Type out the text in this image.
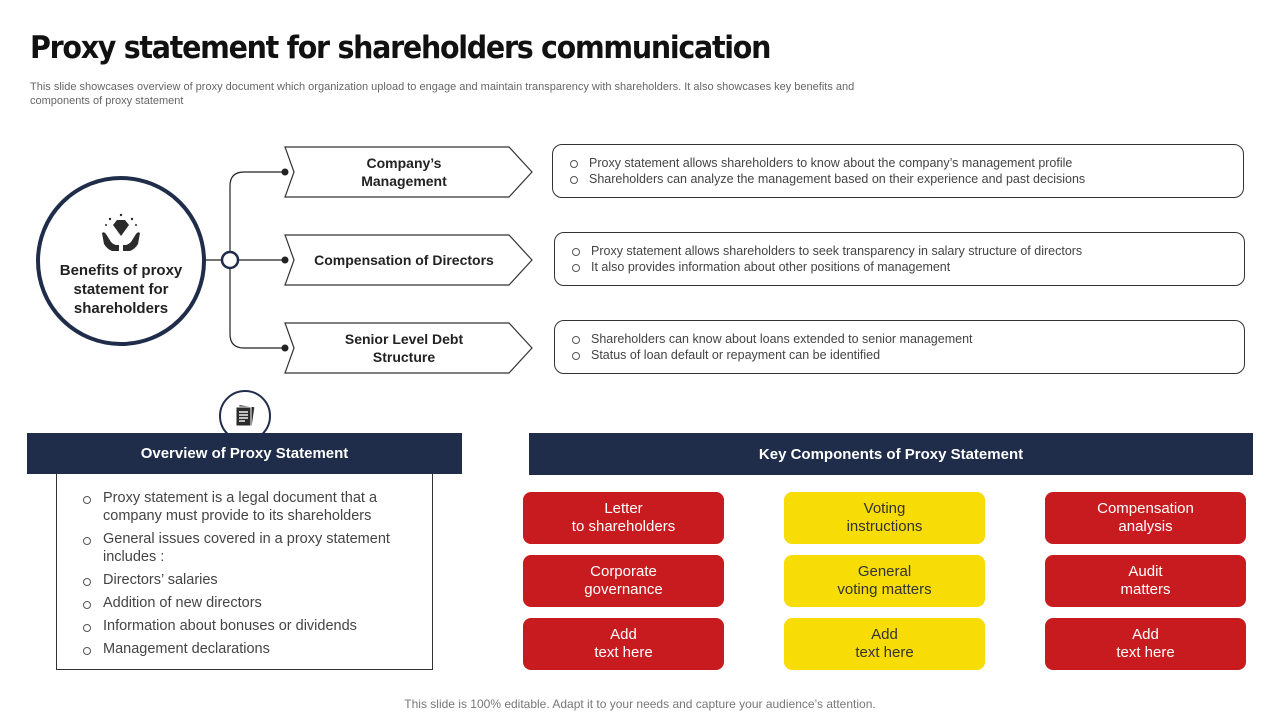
Proxy statement for shareholders communication
This slide showcases overview of proxy document which organization upload to engage and maintain transparency with shareholders. It also showcases key benefits and components of proxy statement
Benefits of proxy statement for shareholders
Company’s
Management
Proxy statement allows shareholders to know about the company’s management profile
Shareholders can analyze the management based on their experience and past decisions
Compensation of Directors
Proxy statement allows shareholders to seek transparency in salary structure of directors
It also provides information about other positions of management
Senior Level Debt
Structure
Shareholders can know about loans extended to senior management
Status of loan default or repayment can be identified
Overview of Proxy Statement
Proxy statement is a legal document that a company must provide to its shareholders
General issues covered in a proxy statement includes :
Directors’ salaries
Addition of new directors
Information about bonuses or dividends
Management declarations
Key Components of Proxy Statement
Letter
to shareholders
Voting
instructions
Compensation
analysis
Corporate
governance
General
voting matters
Audit
matters
Add
text here
Add
text here
Add
text here
This slide is 100% editable. Adapt it to your needs and capture your audience’s attention.
